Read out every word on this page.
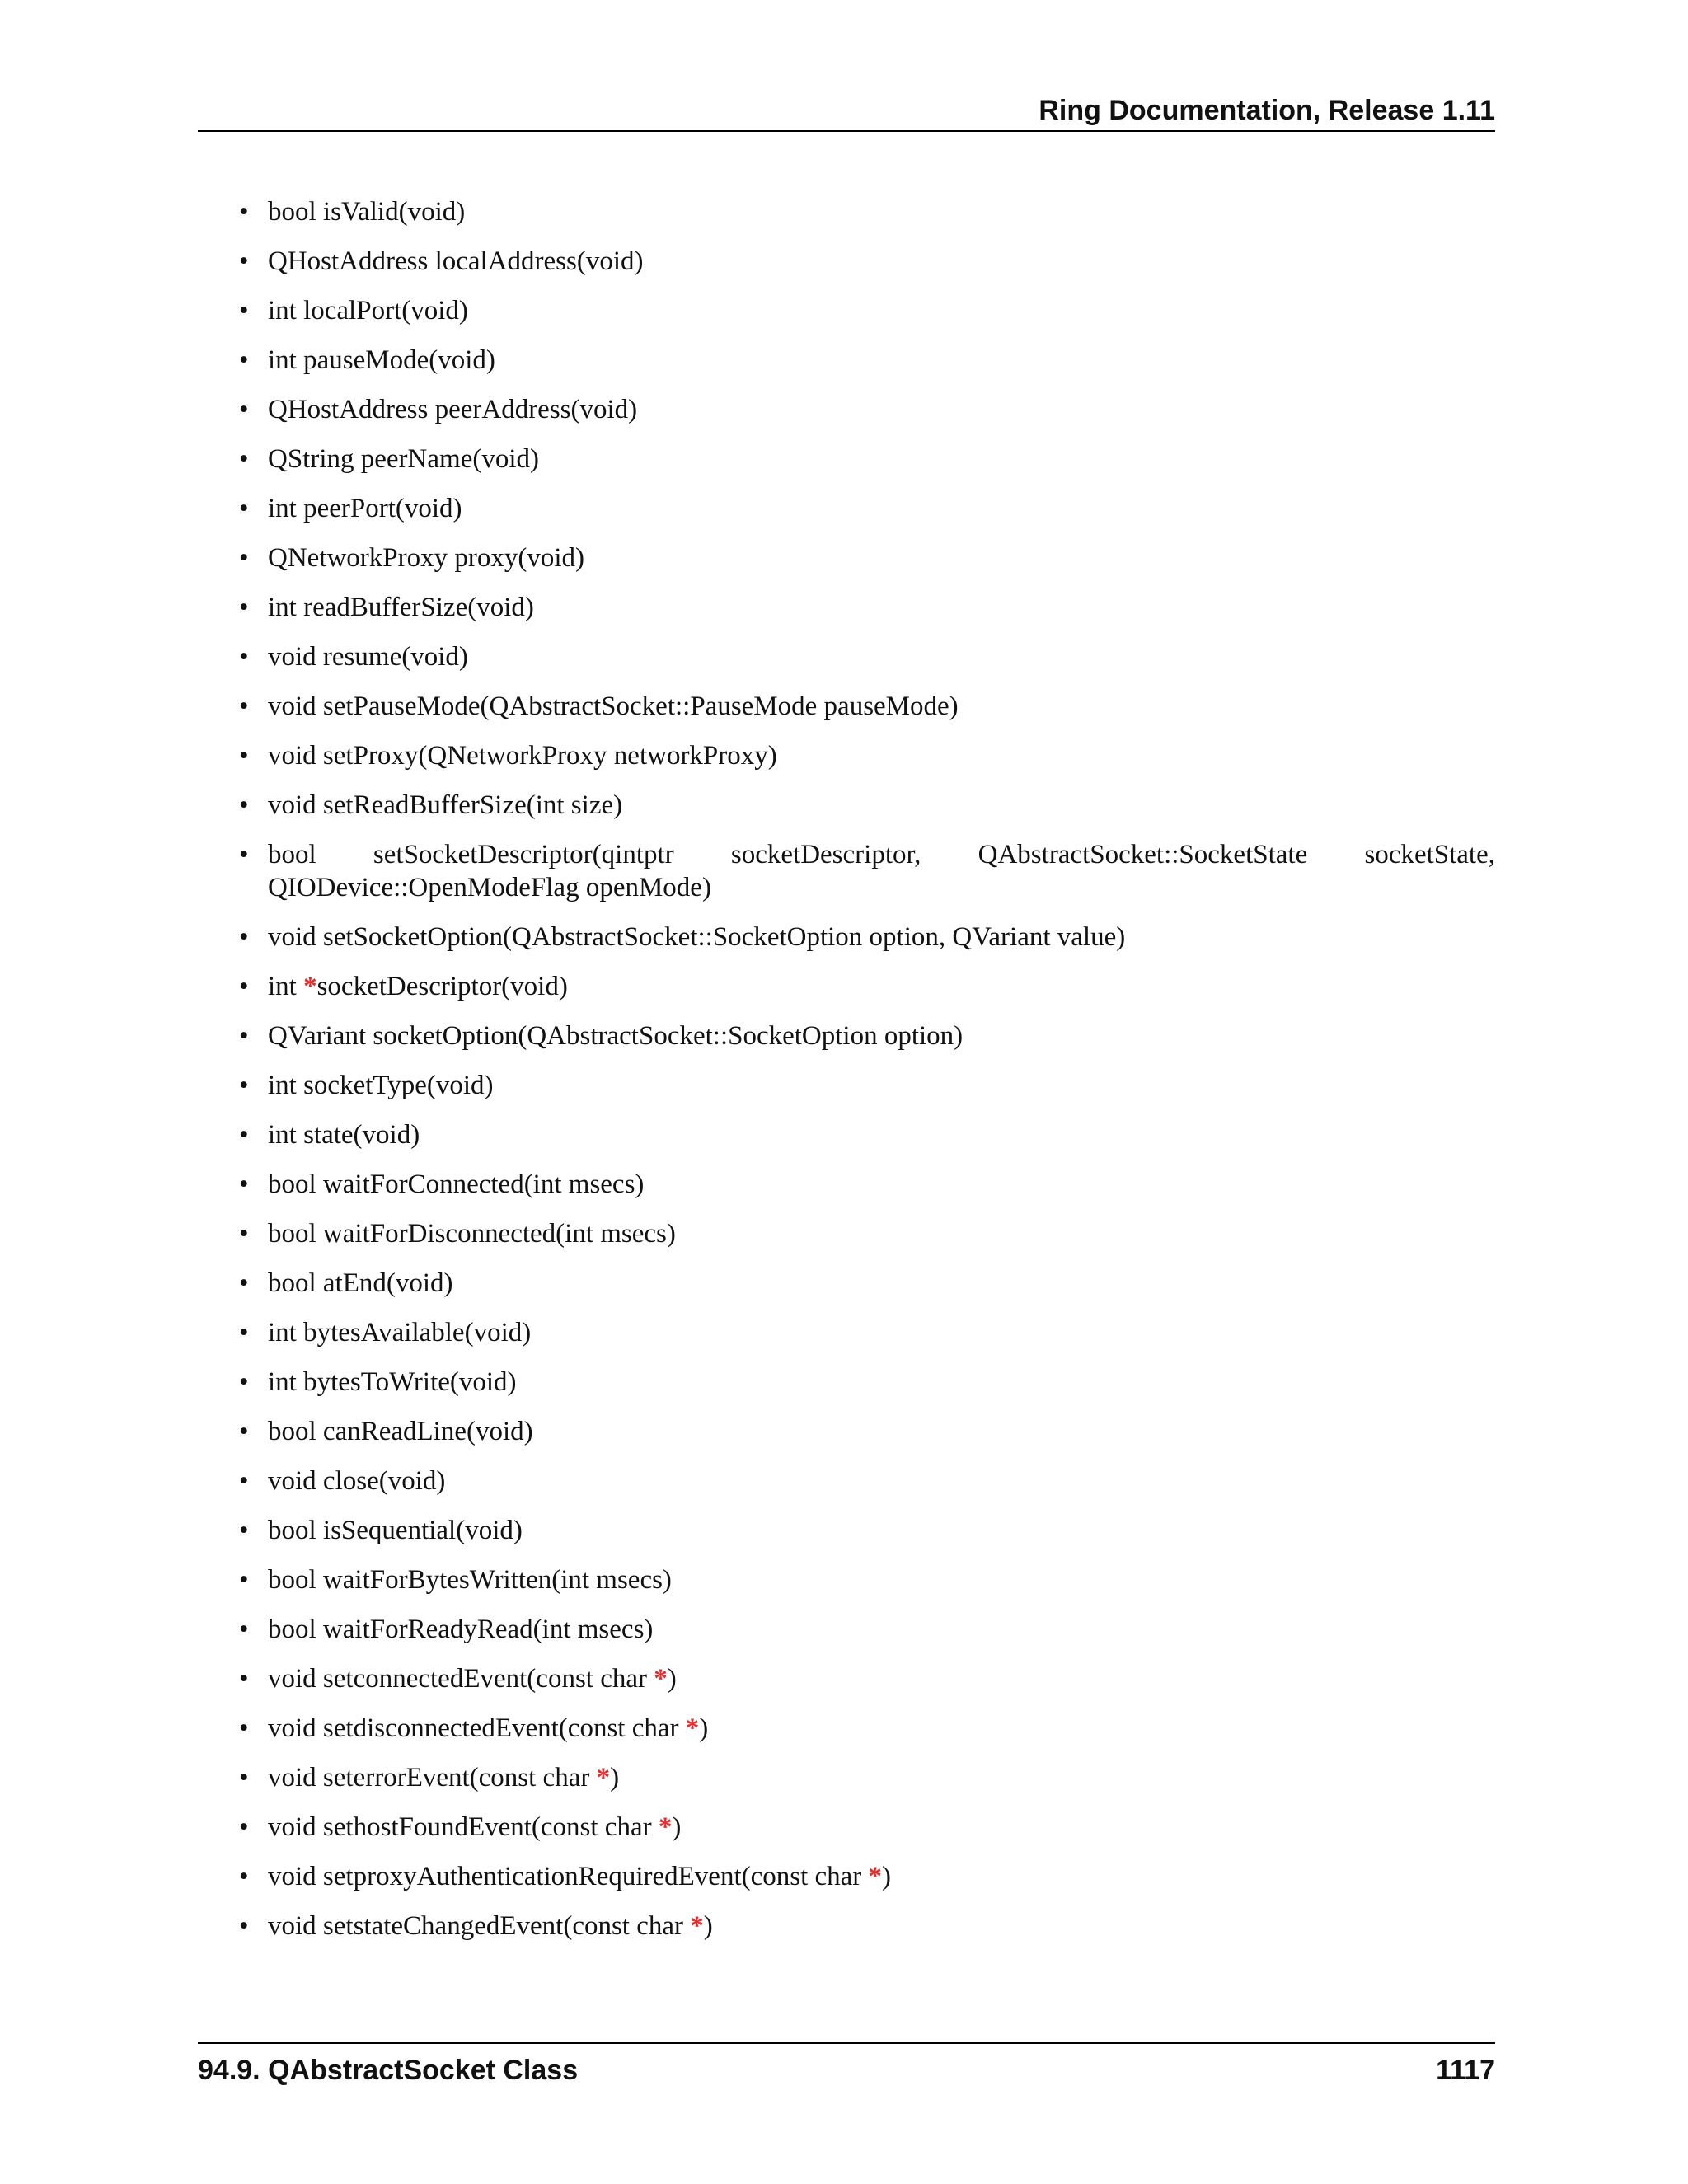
Ring Documentation, Release 1.11
• bool isValid(void)
• QHostAddress localAddress(void)
• int localPort(void)
• int pauseMode(void)
• QHostAddress peerAddress(void)
• QString peerName(void)
• int peerPort(void)
• QNetworkProxy proxy(void)
• int readBufferSize(void)
• void resume(void)
• void setPauseMode(QAbstractSocket::PauseMode pauseMode)
• void setProxy(QNetworkProxy networkProxy)
• void setReadBufferSize(int size)
• bool setSocketDescriptor(qintptr socketDescriptor, QAbstractSocket::SocketState socketState, QIODevice::OpenModeFlag openMode)
• void setSocketOption(QAbstractSocket::SocketOption option, QVariant value)
• int *socketDescriptor(void)
• QVariant socketOption(QAbstractSocket::SocketOption option)
• int socketType(void)
• int state(void)
• bool waitForConnected(int msecs)
• bool waitForDisconnected(int msecs)
• bool atEnd(void)
• int bytesAvailable(void)
• int bytesToWrite(void)
• bool canReadLine(void)
• void close(void)
• bool isSequential(void)
• bool waitForBytesWritten(int msecs)
• bool waitForReadyRead(int msecs)
• void setconnectedEvent(const char *)
• void setdisconnectedEvent(const char *)
• void seterrorEvent(const char *)
• void sethostFoundEvent(const char *)
• void setproxyAuthenticationRequiredEvent(const char *)
• void setstateChangedEvent(const char *)
94.9. QAbstractSocket Class	1117
